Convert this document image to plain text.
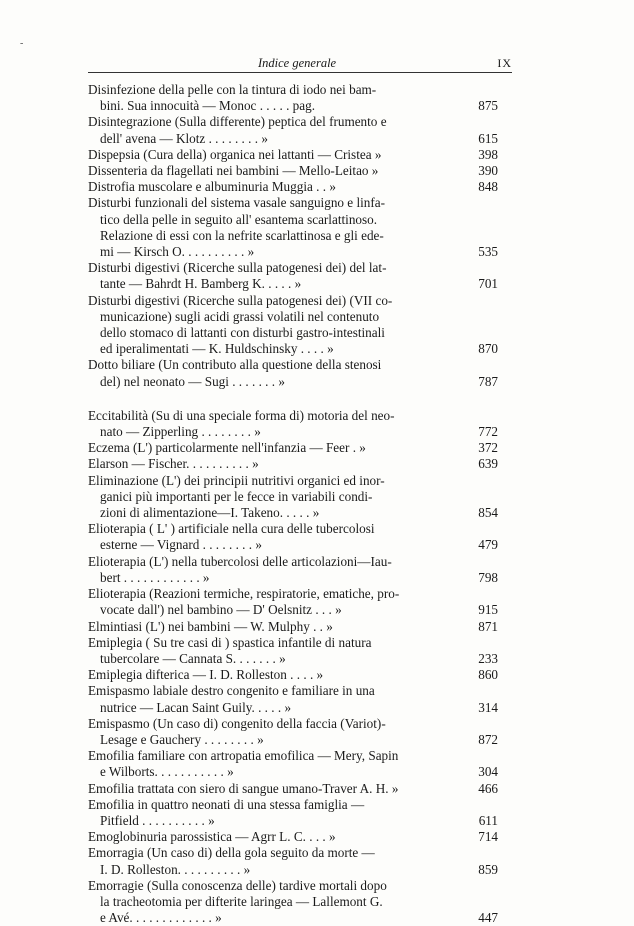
-
Indice generale	IX
Disinfezione della pelle con la tintura di iodo nei bam-
bini. Sua innocuità — Monoc . . . . . pag.	875
Disintegrazione (Sulla differente) peptica del frumento e
dell' avena — Klotz . . . . . . . . »	615
Dispepsia (Cura della) organica nei lattanti — Cristea »	398
Dissenteria da flagellati nei bambini — Mello-Leitao »	390
Distrofia muscolare e albuminuria Muggia . . »	848
Disturbi funzionali del sistema vasale sanguigno e linfa-
tico della pelle in seguito all' esantema scarlattinoso.
Relazione di essi con la nefrite scarlattinosa e gli ede-
mi — Kirsch O. . . . . . . . . . »	535
Disturbi digestivi (Ricerche sulla patogenesi dei) del lat-
tante — Bahrdt H. Bamberg K. . . . . »	701
Disturbi digestivi (Ricerche sulla patogenesi dei) (VII co-
municazione) sugli acidi grassi volatili nel contenuto
dello stomaco di lattanti con disturbi gastro-intestinali
ed iperalimentati — K. Huldschinsky . . . . »	870
Dotto biliare (Un contributo alla questione della stenosi
del) nel neonato — Sugi . . . . . . . »	787
Eccitabilità (Su di una speciale forma di) motoria del neo-
nato — Zipperling . . . . . . . . »	772
Eczema (L') particolarmente nell'infanzia — Feer . »	372
Elarson — Fischer. . . . . . . . . . »	639
Eliminazione (L') dei principii nutritivi organici ed inor-
ganici più importanti per le fecce in variabili condi-
zioni di alimentazione—I. Takeno. . . . . »	854
Elioterapia ( L' ) artificiale nella cura delle tubercolosi
esterne — Vignard . . . . . . . . »	479
Elioterapia (L') nella tubercolosi delle articolazioni—Iau-
bert . . . . . . . . . . . . »	798
Elioterapia (Reazioni termiche, respiratorie, ematiche, pro-
vocate dall') nel bambino — D' Oelsnitz . . . »	915
Elmintiasi (L') nei bambini — W. Mulphy . . »	871
Emiplegia ( Su tre casi di ) spastica infantile di natura
tubercolare — Cannata S. . . . . . . »	233
Emiplegia difterica — I. D. Rolleston . . . . »	860
Emispasmo labiale destro congenito e familiare in una
nutrice — Lacan Saint Guily. . . . . »	314
Emispasmo (Un caso di) congenito della faccia (Variot)-
Lesage e Gauchery . . . . . . . . »	872
Emofilia familiare con artropatia emofilica — Mery, Sapin
e Wilborts. . . . . . . . . . . »	304
Emofilia trattata con siero di sangue umano-Traver A. H. »	466
Emofilia in quattro neonati di una stessa famiglia —
Pitfield . . . . . . . . . . »	611
Emoglobinuria parossistica — Agrr L. C. . . . »	714
Emorragia (Un caso di) della gola seguito da morte —
I. D. Rolleston. . . . . . . . . . »	859
Emorragie (Sulla conoscenza delle) tardive mortali dopo
la tracheotomia per difterite laringea — Lallemont G.
e Avé. . . . . . . . . . . . . »	447
